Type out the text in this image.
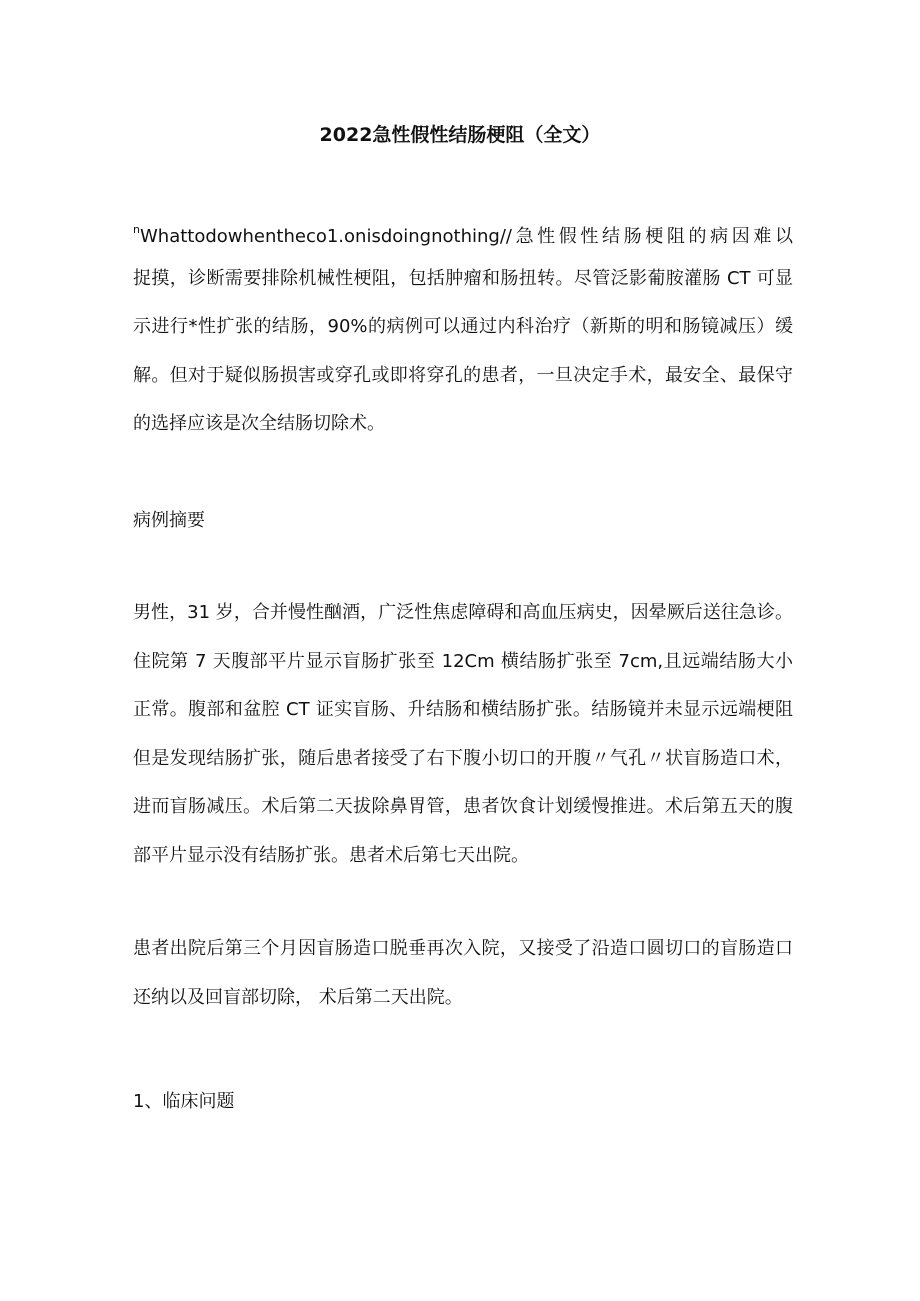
2022急性假性结肠梗阻（全文）
$^n$Whattodowhentheco1.onisdoingnothing//急性假性结肠梗阻的病因难以
捉摸，诊断需要排除机械性梗阻，包括肿瘤和肠扭转。尽管泛影葡胺灌肠 CT 可显
示进行*性扩张的结肠，90%的病例可以通过内科治疗（新斯的明和肠镜减压）缓
解。但对于疑似肠损害或穿孔或即将穿孔的患者，一旦决定手术，最安全、最保守
的选择应该是次全结肠切除术。
病例摘要
男性，31 岁，合并慢性酗酒，广泛性焦虑障碍和高血压病史，因晕厥后送往急诊。
住院第 7 天腹部平片显示盲肠扩张至 12Cm 横结肠扩张至 7cm,且远端结肠大小
正常。腹部和盆腔 CT 证实盲肠、升结肠和横结肠扩张。结肠镜并未显示远端梗阻
但是发现结肠扩张，随后患者接受了右下腹小切口的开腹〃气孔〃状盲肠造口术，
进而盲肠减压。术后第二天拔除鼻胃管，患者饮食计划缓慢推进。术后第五天的腹
部平片显示没有结肠扩张。患者术后第七天出院。
患者出院后第三个月因盲肠造口脱垂再次入院，又接受了沿造口圆切口的盲肠造口
还纳以及回盲部切除， 术后第二天出院。
1、临床问题
